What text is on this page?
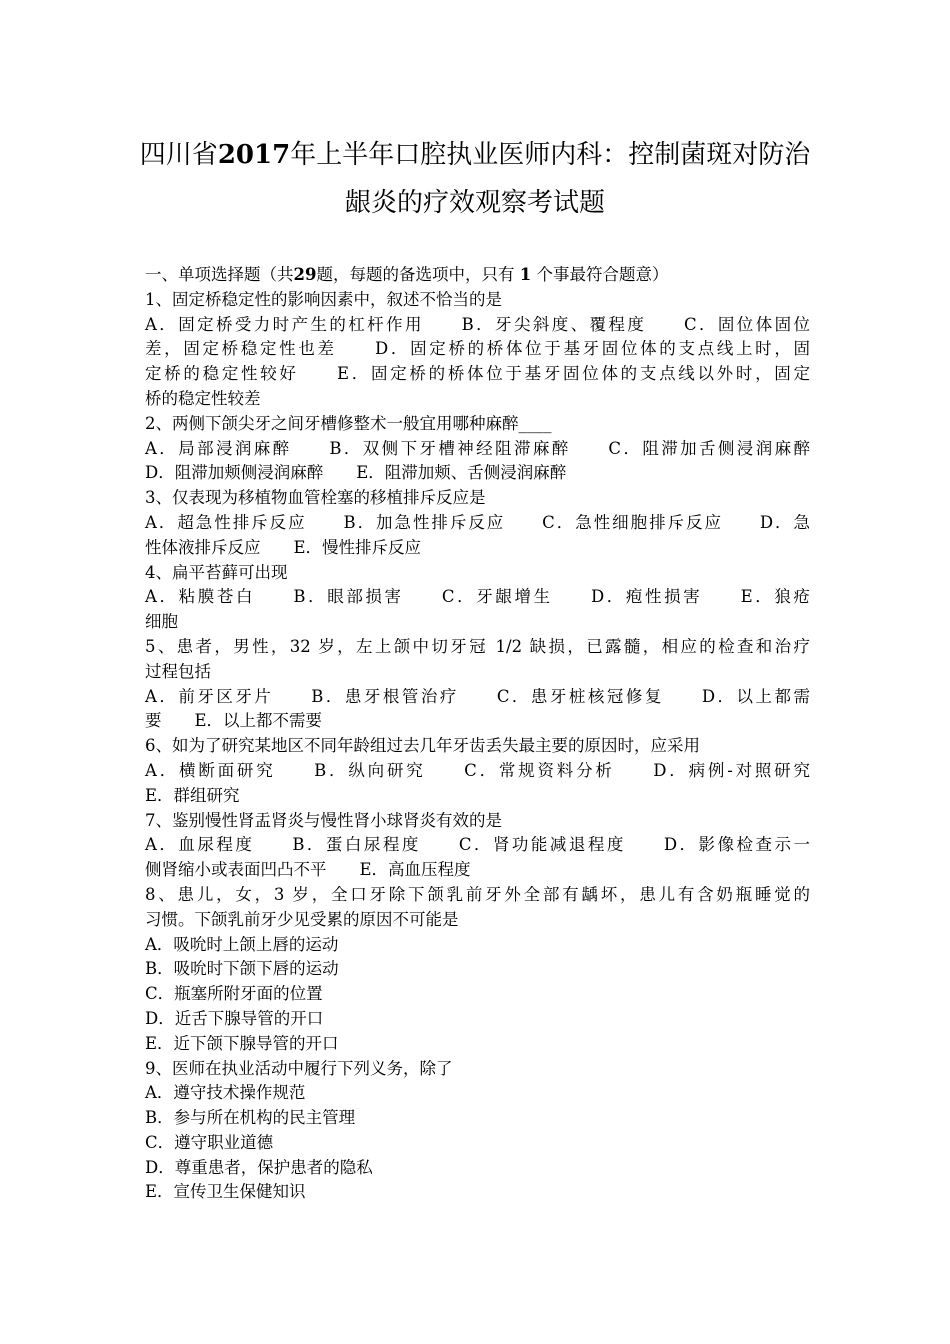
四川省2017年上半年口腔执业医师内科：控制菌斑对防治
龈炎的疗效观察考试题
一、单项选择题（共29题，每题的备选项中，只有 1 个事最符合题意）
1、固定桥稳定性的影响因素中，叙述不恰当的是
A．固定桥受力时产生的杠杆作用　　B．牙尖斜度、覆程度　　C．固位体固位
差，固定桥稳定性也差　　D．固定桥的桥体位于基牙固位体的支点线上时，固
定桥的稳定性较好　　E．固定桥的桥体位于基牙固位体的支点线以外时，固定
桥的稳定性较差
2、两侧下颌尖牙之间牙槽修整术一般宜用哪种麻醉____
A．局部浸润麻醉　　B．双侧下牙槽神经阻滞麻醉　　C．阻滞加舌侧浸润麻醉
D．阻滞加颊侧浸润麻醉　　E．阻滞加颊、舌侧浸润麻醉
3、仅表现为移植物血管栓塞的移植排斥反应是
A．超急性排斥反应　　B．加急性排斥反应　　C．急性细胞排斥反应　　D．急
性体液排斥反应　　E．慢性排斥反应
4、扁平苔藓可出现
A．粘膜苍白　　B．眼部损害　　C．牙龈增生　　D．疱性损害　　E．狼疮
细胞
5、患者，男性，32 岁，左上颌中切牙冠 1/2 缺损，已露髓，相应的检查和治疗
过程包括
A．前牙区牙片　　B．患牙根管治疗　　C．患牙桩核冠修复　　D．以上都需
要　　E．以上都不需要
6、如为了研究某地区不同年龄组过去几年牙齿丢失最主要的原因时，应采用
A．横断面研究　　B．纵向研究　　C．常规资料分析　　D．病例-对照研究
E．群组研究
7、鉴别慢性肾盂肾炎与慢性肾小球肾炎有效的是
A．血尿程度　　B．蛋白尿程度　　C．肾功能减退程度　　D．影像检查示一
侧肾缩小或表面凹凸不平　　E．高血压程度
8、患儿，女，3 岁，全口牙除下颌乳前牙外全部有龋坏，患儿有含奶瓶睡觉的
习惯。下颌乳前牙少见受累的原因不可能是
A．吸吮时上颌上唇的运动
B．吸吮时下颌下唇的运动
C．瓶塞所附牙面的位置
D．近舌下腺导管的开口
E．近下颌下腺导管的开口
9、医师在执业活动中履行下列义务，除了
A．遵守技术操作规范
B．参与所在机构的民主管理
C．遵守职业道德
D．尊重患者，保护患者的隐私
E．宣传卫生保健知识
